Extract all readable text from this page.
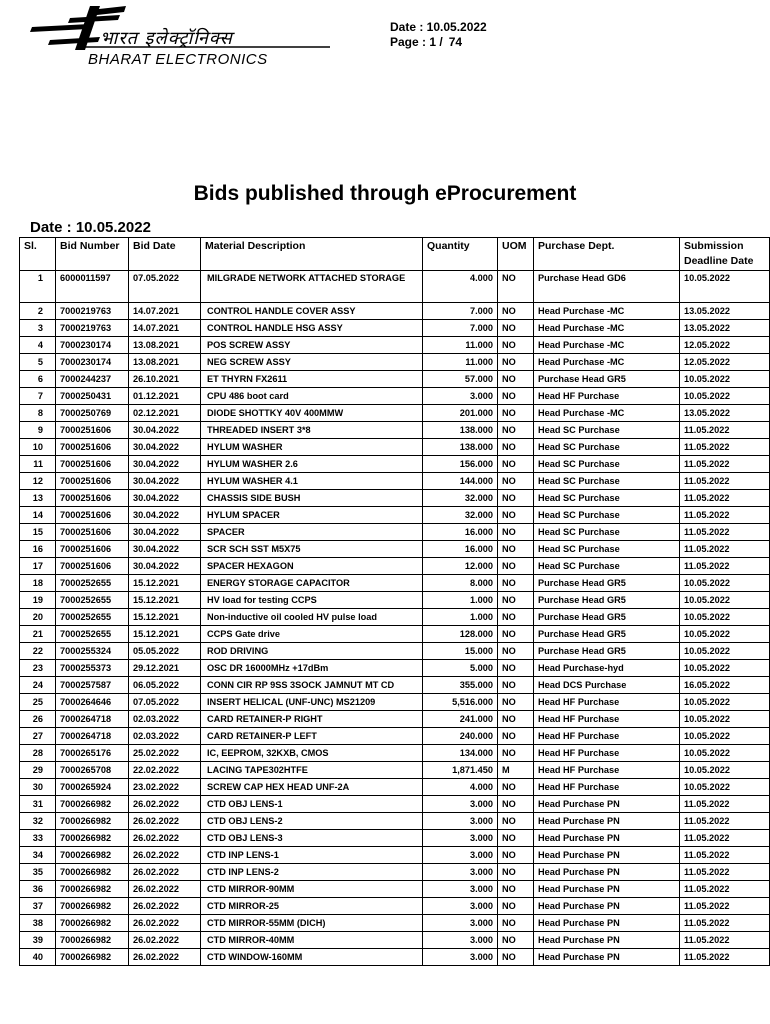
भारत इलेक्ट्रॉनिक्स
BHARAT ELECTRONICS
Date : 10.05.2022
Page : 1 / 74
Bids published through eProcurement
Date : 10.05.2022
Sl.	Bid Number	Bid Date	Material Description	Quantity	UOM	Purchase Dept.	Submission Deadline Date
1	6000011597	07.05.2022	MILGRADE NETWORK ATTACHED STORAGE	4.000	NO	Purchase Head GD6	10.05.2022
2	7000219763	14.07.2021	CONTROL HANDLE COVER ASSY	7.000	NO	Head Purchase -MC	13.05.2022
3	7000219763	14.07.2021	CONTROL HANDLE HSG ASSY	7.000	NO	Head Purchase -MC	13.05.2022
4	7000230174	13.08.2021	POS SCREW ASSY	11.000	NO	Head Purchase -MC	12.05.2022
5	7000230174	13.08.2021	NEG SCREW ASSY	11.000	NO	Head Purchase -MC	12.05.2022
6	7000244237	26.10.2021	ET THYRN FX2611	57.000	NO	Purchase Head GR5	10.05.2022
7	7000250431	01.12.2021	CPU 486 boot card	3.000	NO	Head HF Purchase	10.05.2022
8	7000250769	02.12.2021	DIODE SHOTTKY 40V 400MMW	201.000	NO	Head Purchase -MC	13.05.2022
9	7000251606	30.04.2022	THREADED INSERT 3*8	138.000	NO	Head SC Purchase	11.05.2022
10	7000251606	30.04.2022	HYLUM WASHER	138.000	NO	Head SC Purchase	11.05.2022
11	7000251606	30.04.2022	HYLUM WASHER 2.6	156.000	NO	Head SC Purchase	11.05.2022
12	7000251606	30.04.2022	HYLUM WASHER 4.1	144.000	NO	Head SC Purchase	11.05.2022
13	7000251606	30.04.2022	CHASSIS SIDE BUSH	32.000	NO	Head SC Purchase	11.05.2022
14	7000251606	30.04.2022	HYLUM SPACER	32.000	NO	Head SC Purchase	11.05.2022
15	7000251606	30.04.2022	SPACER	16.000	NO	Head SC Purchase	11.05.2022
16	7000251606	30.04.2022	SCR SCH SST M5X75	16.000	NO	Head SC Purchase	11.05.2022
17	7000251606	30.04.2022	SPACER HEXAGON	12.000	NO	Head SC Purchase	11.05.2022
18	7000252655	15.12.2021	ENERGY STORAGE CAPACITOR	8.000	NO	Purchase Head GR5	10.05.2022
19	7000252655	15.12.2021	HV load for testing CCPS	1.000	NO	Purchase Head GR5	10.05.2022
20	7000252655	15.12.2021	Non-inductive oil cooled HV pulse load	1.000	NO	Purchase Head GR5	10.05.2022
21	7000252655	15.12.2021	CCPS Gate drive	128.000	NO	Purchase Head GR5	10.05.2022
22	7000255324	05.05.2022	ROD DRIVING	15.000	NO	Purchase Head GR5	10.05.2022
23	7000255373	29.12.2021	OSC DR 16000MHz +17dBm	5.000	NO	Head Purchase-hyd	10.05.2022
24	7000257587	06.05.2022	CONN CIR RP 9SS 3SOCK JAMNUT MT CD	355.000	NO	Head DCS Purchase	16.05.2022
25	7000264646	07.05.2022	INSERT HELICAL (UNF-UNC) MS21209	5,516.000	NO	Head HF Purchase	10.05.2022
26	7000264718	02.03.2022	CARD RETAINER-P RIGHT	241.000	NO	Head HF Purchase	10.05.2022
27	7000264718	02.03.2022	CARD RETAINER-P LEFT	240.000	NO	Head HF Purchase	10.05.2022
28	7000265176	25.02.2022	IC, EEPROM, 32KXB, CMOS	134.000	NO	Head HF Purchase	10.05.2022
29	7000265708	22.02.2022	LACING TAPE302HTFE	1,871.450	M	Head HF Purchase	10.05.2022
30	7000265924	23.02.2022	SCREW CAP HEX HEAD UNF-2A	4.000	NO	Head HF Purchase	10.05.2022
31	7000266982	26.02.2022	CTD OBJ LENS-1	3.000	NO	Head Purchase PN	11.05.2022
32	7000266982	26.02.2022	CTD OBJ LENS-2	3.000	NO	Head Purchase PN	11.05.2022
33	7000266982	26.02.2022	CTD OBJ LENS-3	3.000	NO	Head Purchase PN	11.05.2022
34	7000266982	26.02.2022	CTD INP LENS-1	3.000	NO	Head Purchase PN	11.05.2022
35	7000266982	26.02.2022	CTD INP LENS-2	3.000	NO	Head Purchase PN	11.05.2022
36	7000266982	26.02.2022	CTD MIRROR-90MM	3.000	NO	Head Purchase PN	11.05.2022
37	7000266982	26.02.2022	CTD MIRROR-25	3.000	NO	Head Purchase PN	11.05.2022
38	7000266982	26.02.2022	CTD MIRROR-55MM (DICH)	3.000	NO	Head Purchase PN	11.05.2022
39	7000266982	26.02.2022	CTD MIRROR-40MM	3.000	NO	Head Purchase PN	11.05.2022
40	7000266982	26.02.2022	CTD WINDOW-160MM	3.000	NO	Head Purchase PN	11.05.2022
